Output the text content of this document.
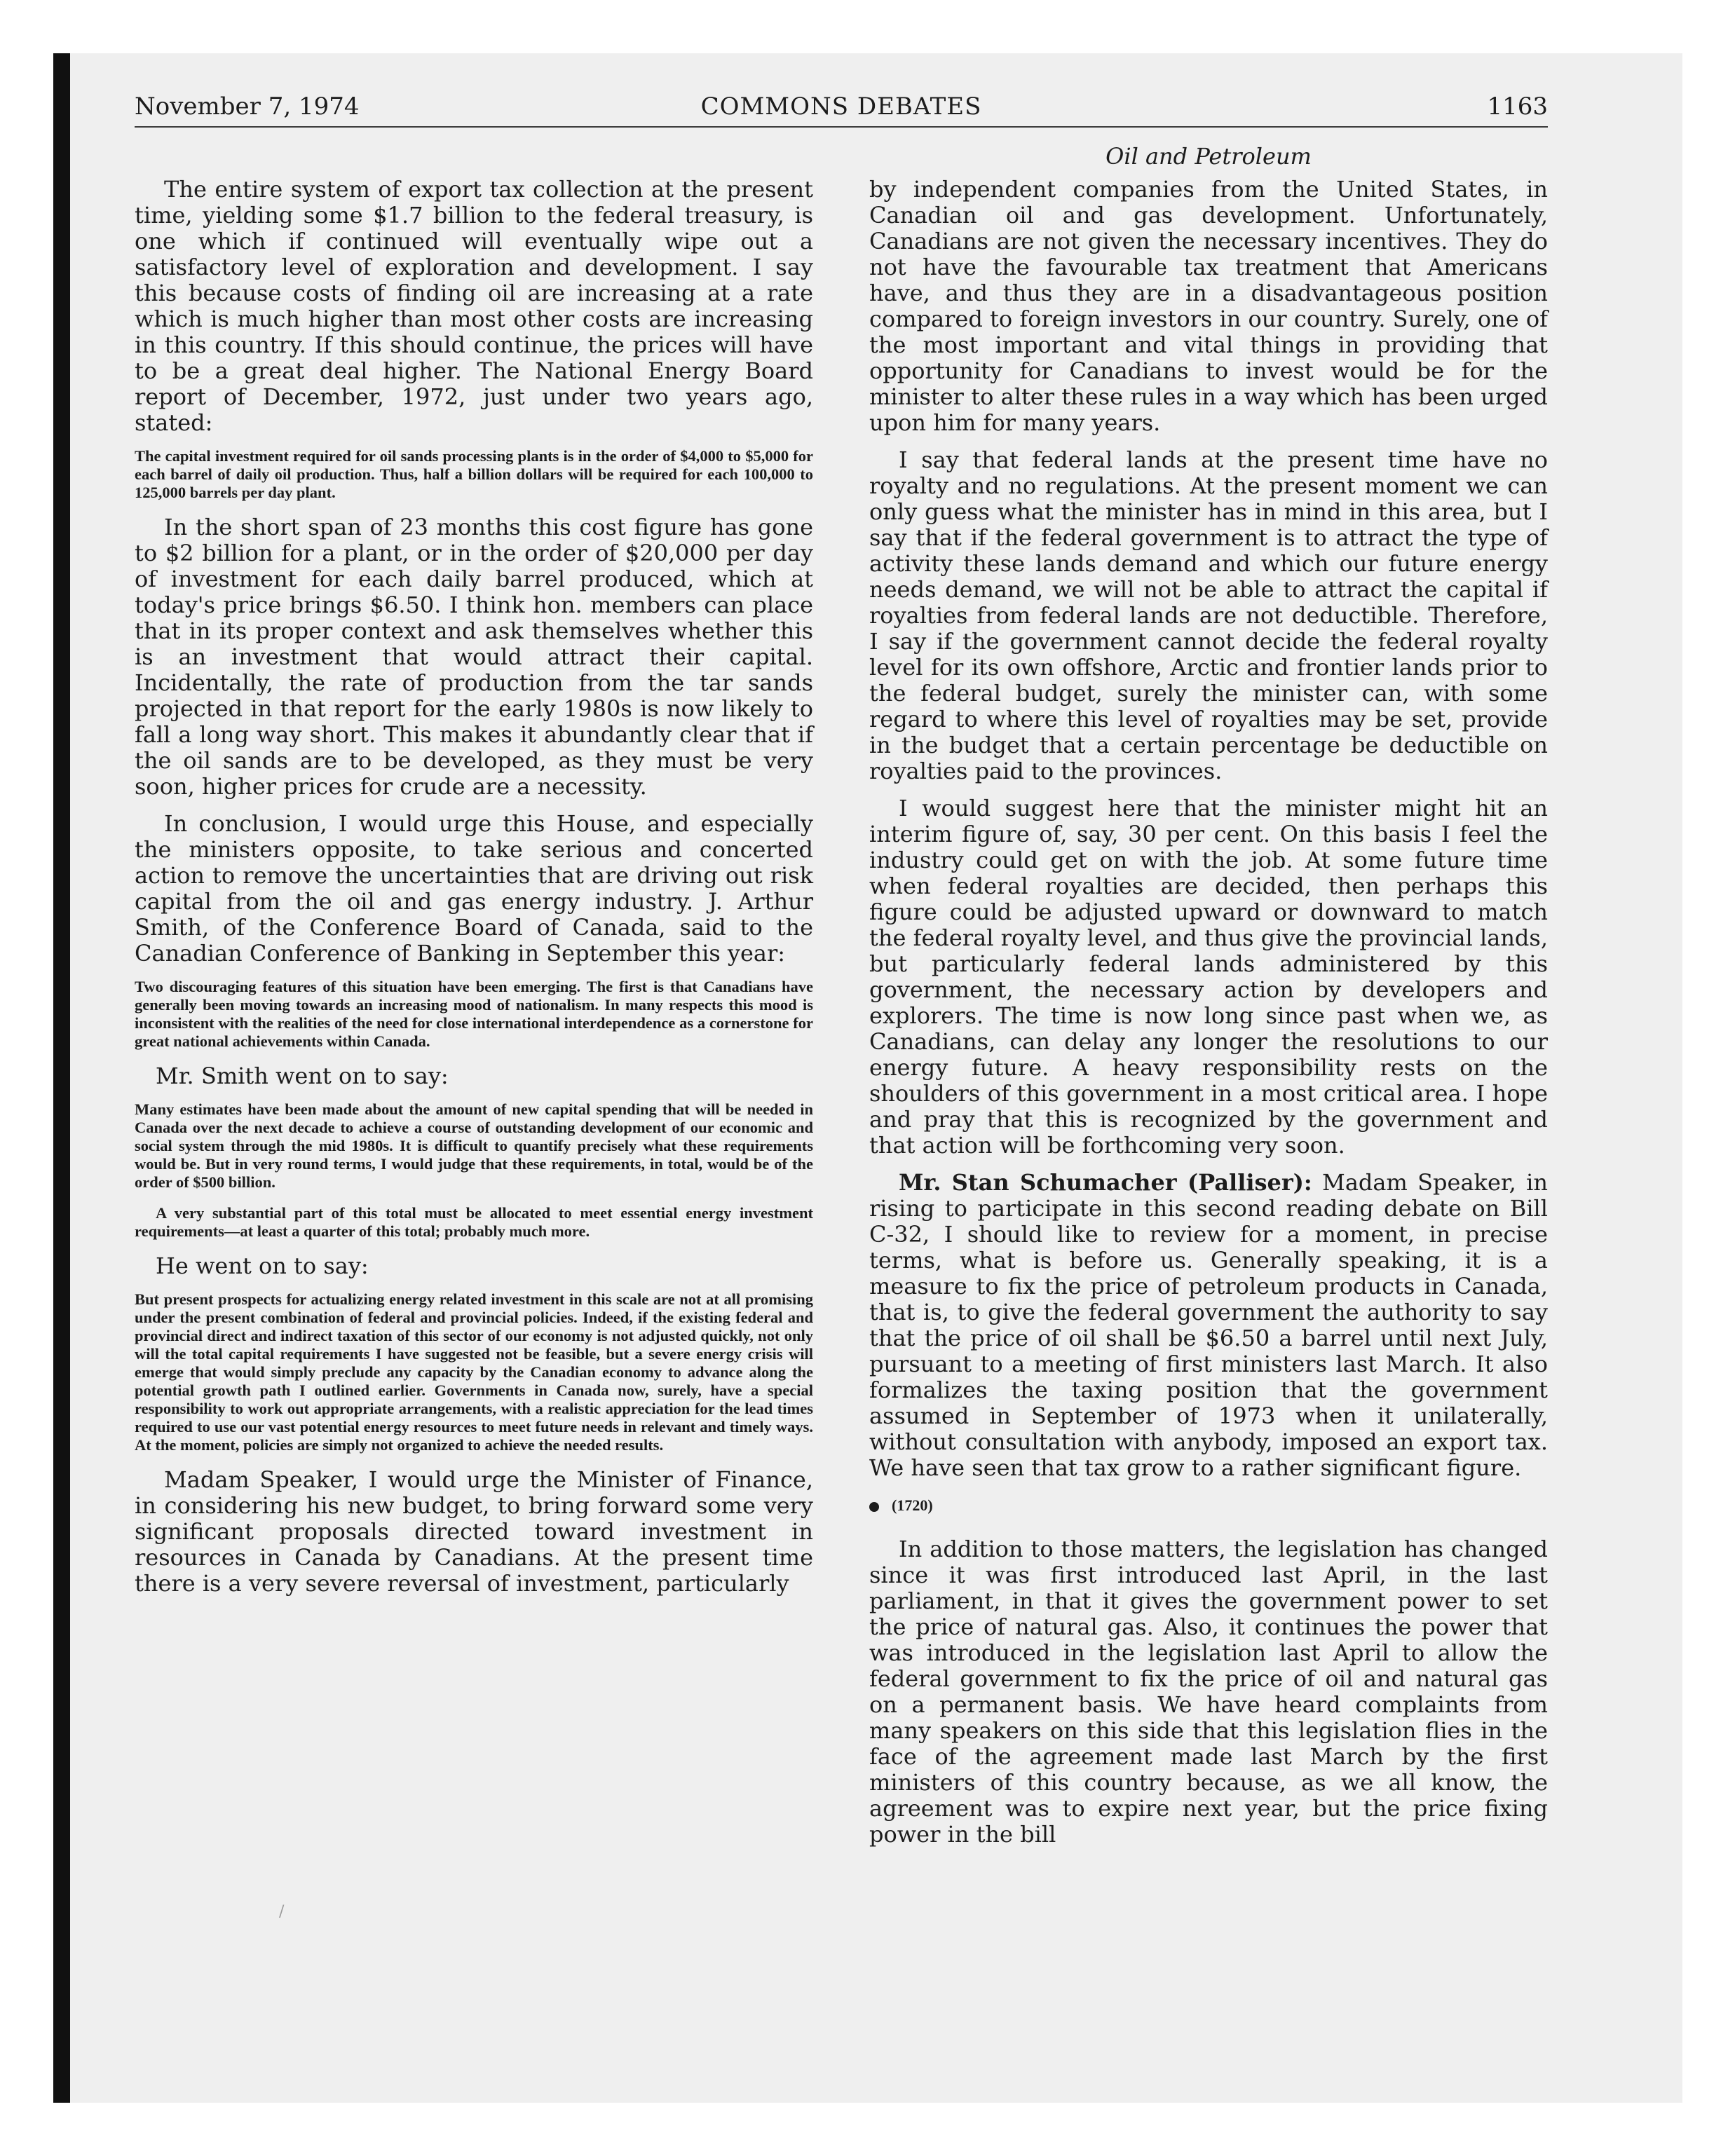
November 7, 1974	COMMONS DEBATES	1163
Oil and Petroleum

The entire system of export tax collection at the present time, yielding some $1.7 billion to the federal treasury, is one which if continued will eventually wipe out a satisfactory level of exploration and development. I say this because costs of finding oil are increasing at a rate which is much higher than most other costs are increasing in this country. If this should continue, the prices will have to be a great deal higher. The National Energy Board report of December, 1972, just under two years ago, stated:

The capital investment required for oil sands processing plants is in the order of $4,000 to $5,000 for each barrel of daily oil production. Thus, half a billion dollars will be required for each 100,000 to 125,000 barrels per day plant.

In the short span of 23 months this cost figure has gone to $2 billion for a plant, or in the order of $20,000 per day of investment for each daily barrel produced, which at today's price brings $6.50. I think hon. members can place that in its proper context and ask themselves whether this is an investment that would attract their capital. Incidentally, the rate of production from the tar sands projected in that report for the early 1980s is now likely to fall a long way short. This makes it abundantly clear that if the oil sands are to be developed, as they must be very soon, higher prices for crude are a necessity.

In conclusion, I would urge this House, and especially the ministers opposite, to take serious and concerted action to remove the uncertainties that are driving out risk capital from the oil and gas energy industry. J. Arthur Smith, of the Conference Board of Canada, said to the Canadian Conference of Banking in September this year:

Two discouraging features of this situation have been emerging. The first is that Canadians have generally been moving towards an increasing mood of nationalism. In many respects this mood is inconsistent with the realities of the need for close international interdependence as a cornerstone for great national achievements within Canada.

Mr. Smith went on to say:

Many estimates have been made about the amount of new capital spending that will be needed in Canada over the next decade to achieve a course of outstanding development of our economic and social system through the mid 1980s. It is difficult to quantify precisely what these requirements would be. But in very round terms, I would judge that these requirements, in total, would be of the order of $500 billion.

A very substantial part of this total must be allocated to meet essential energy investment requirements—at least a quarter of this total; probably much more.

He went on to say:

But present prospects for actualizing energy related investment in this scale are not at all promising under the present combination of federal and provincial policies. Indeed, if the existing federal and provincial direct and indirect taxation of this sector of our economy is not adjusted quickly, not only will the total capital requirements I have suggested not be feasible, but a severe energy crisis will emerge that would simply preclude any capacity by the Canadian economy to advance along the potential growth path I outlined earlier. Governments in Canada now, surely, have a special responsibility to work out appropriate arrangements, with a realistic appreciation for the lead times required to use our vast potential energy resources to meet future needs in relevant and timely ways. At the moment, policies are simply not organized to achieve the needed results.

Madam Speaker, I would urge the Minister of Finance, in considering his new budget, to bring forward some very significant proposals directed toward investment in resources in Canada by Canadians. At the present time there is a very severe reversal of investment, particularly

by independent companies from the United States, in Canadian oil and gas development. Unfortunately, Canadians are not given the necessary incentives. They do not have the favourable tax treatment that Americans have, and thus they are in a disadvantageous position compared to foreign investors in our country. Surely, one of the most important and vital things in providing that opportunity for Canadians to invest would be for the minister to alter these rules in a way which has been urged upon him for many years.

I say that federal lands at the present time have no royalty and no regulations. At the present moment we can only guess what the minister has in mind in this area, but I say that if the federal government is to attract the type of activity these lands demand and which our future energy needs demand, we will not be able to attract the capital if royalties from federal lands are not deductible. Therefore, I say if the government cannot decide the federal royalty level for its own offshore, Arctic and frontier lands prior to the federal budget, surely the minister can, with some regard to where this level of royalties may be set, provide in the budget that a certain percentage be deductible on royalties paid to the provinces.

I would suggest here that the minister might hit an interim figure of, say, 30 per cent. On this basis I feel the industry could get on with the job. At some future time when federal royalties are decided, then perhaps this figure could be adjusted upward or downward to match the federal royalty level, and thus give the provincial lands, but particularly federal lands administered by this government, the necessary action by developers and explorers. The time is now long since past when we, as Canadians, can delay any longer the resolutions to our energy future. A heavy responsibility rests on the shoulders of this government in a most critical area. I hope and pray that this is recognized by the government and that action will be forthcoming very soon.

Mr. Stan Schumacher (Palliser): Madam Speaker, in rising to participate in this second reading debate on Bill C-32, I should like to review for a moment, in precise terms, what is before us. Generally speaking, it is a measure to fix the price of petroleum products in Canada, that is, to give the federal government the authority to say that the price of oil shall be $6.50 a barrel until next July, pursuant to a meeting of first ministers last March. It also formalizes the taxing position that the government assumed in September of 1973 when it unilaterally, without consultation with anybody, imposed an export tax. We have seen that tax grow to a rather significant figure.

(1720)

In addition to those matters, the legislation has changed since it was first introduced last April, in the last parliament, in that it gives the government power to set the price of natural gas. Also, it continues the power that was introduced in the legislation last April to allow the federal government to fix the price of oil and natural gas on a permanent basis. We have heard complaints from many speakers on this side that this legislation flies in the face of the agreement made last March by the first ministers of this country because, as we all know, the agreement was to expire next year, but the price fixing power in the bill

/
